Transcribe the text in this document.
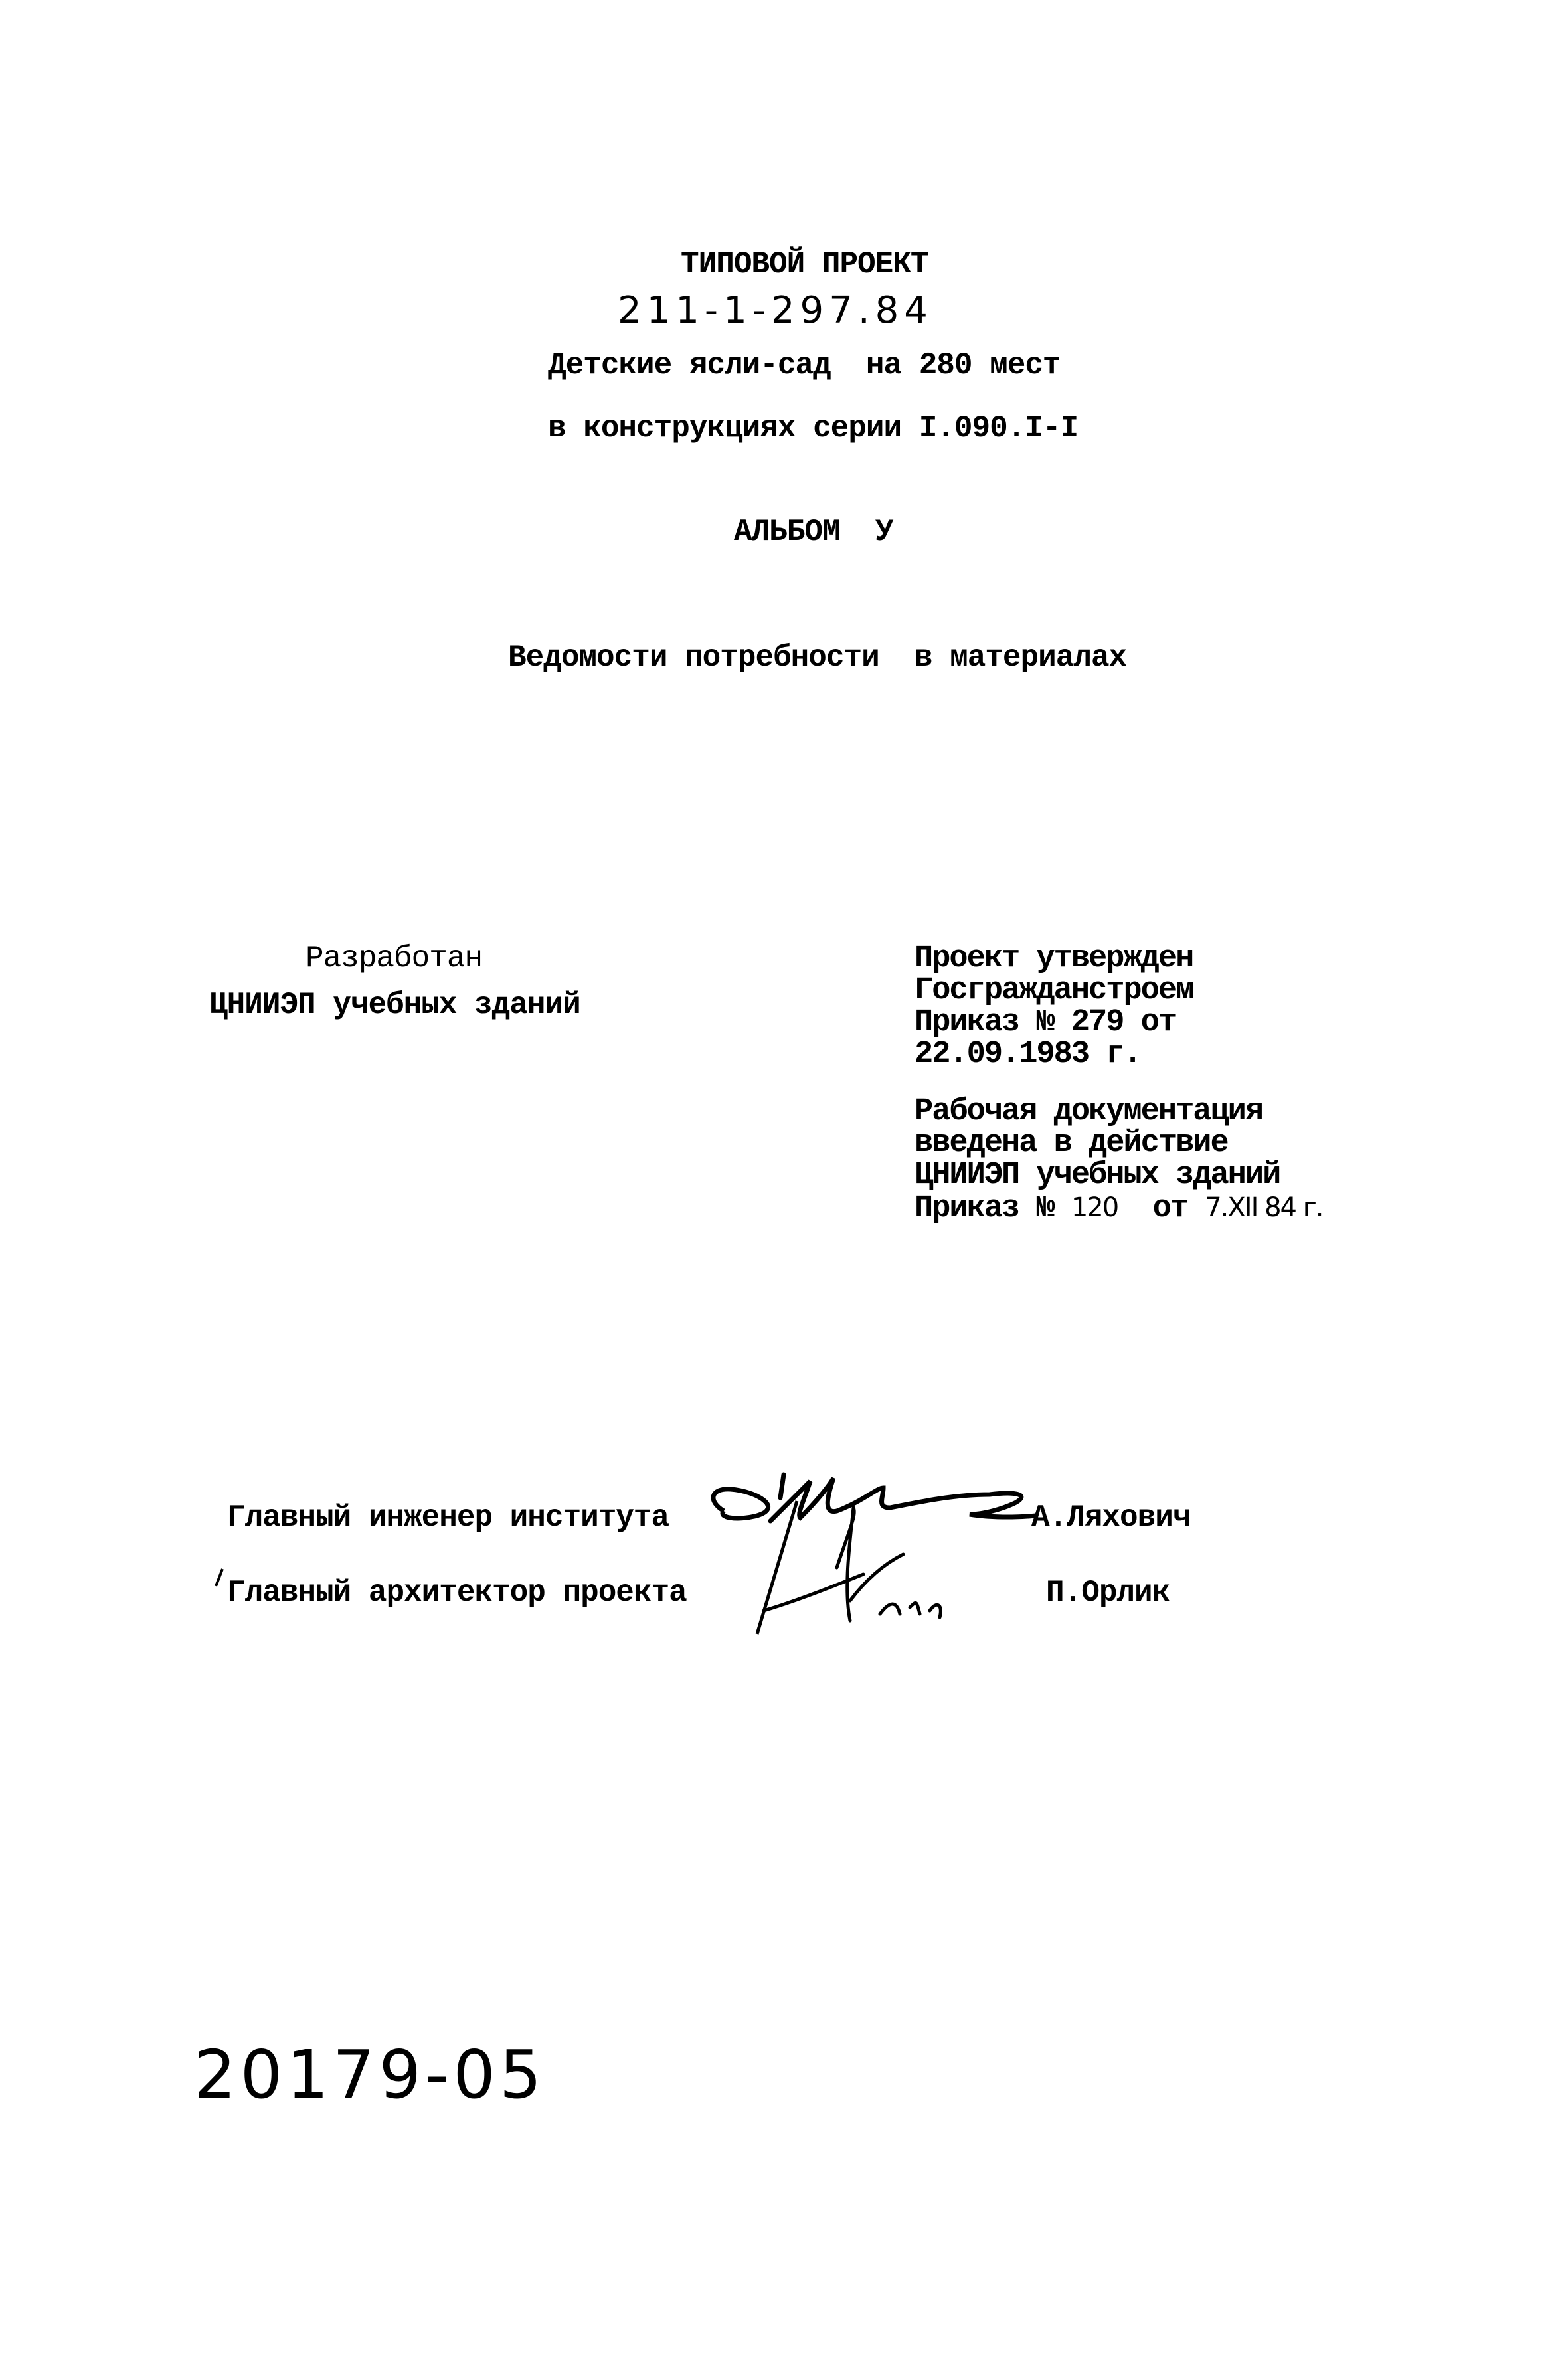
ТИПОВОЙ ПРОЕКТ
211-1-297.84
Детские ясли-сад  на 280 мест
в конструкциях серии I.090.I-I
АЛЬБОМ  У
Ведомости потребности  в материалах
Разработан
ЦНИИЭП учебных зданий
Проект утвержден
Госгражданстроем
Приказ № 279 от
22.09.1983 г.
Рабочая документация
введена в действие
ЦНИИЭП учебных зданий
Приказ № 120  от 7.XII 84 г.
Главный инженер института	А.Ляхович
Главный архитектор проекта	П.Орлик
20179-05
